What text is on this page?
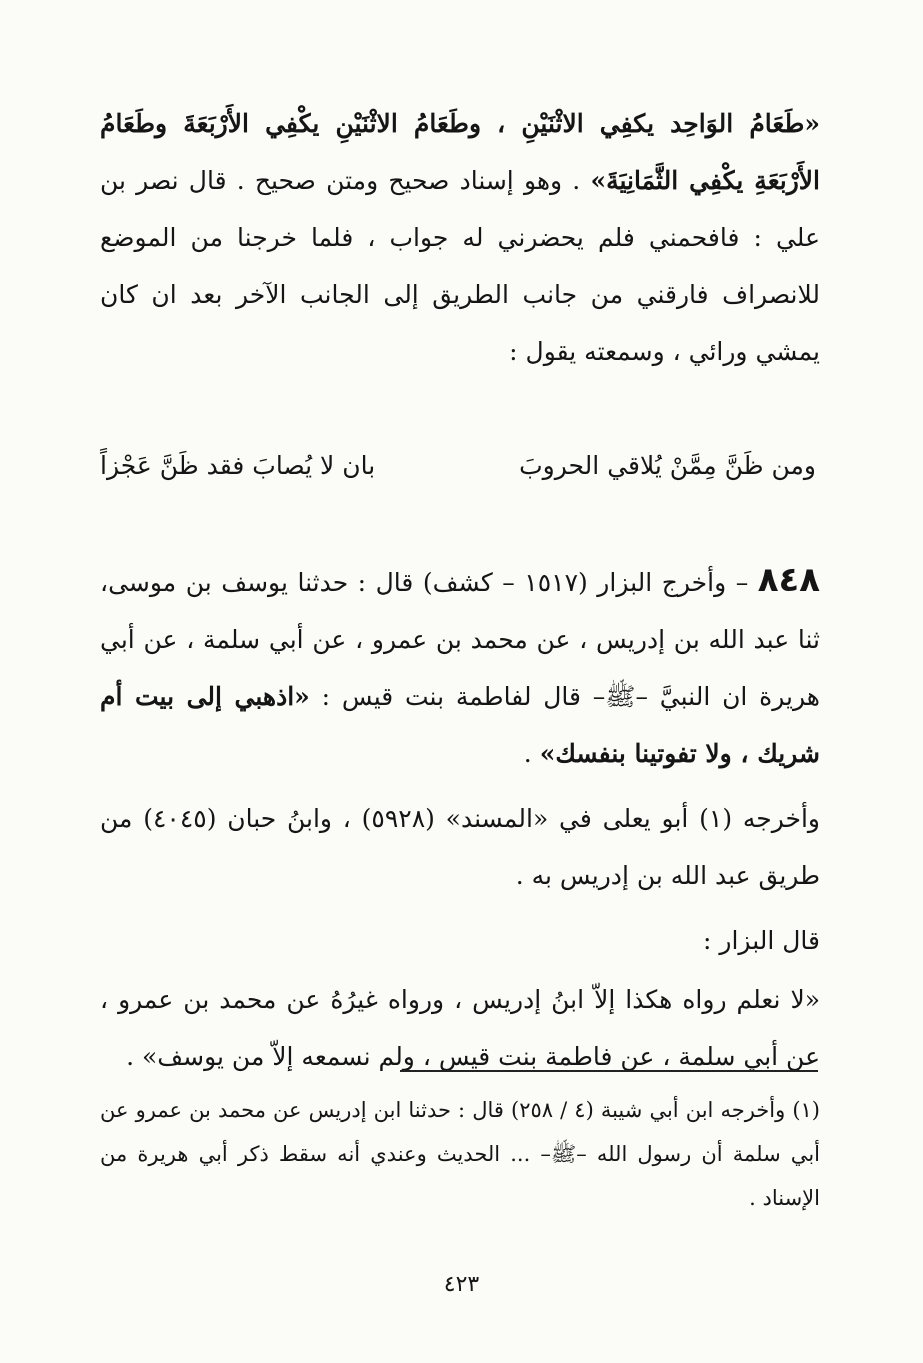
«طَعَامُ الوَاحِد يكفِي الاثْنَيْنِ ، وطَعَامُ الاثْنَيْنِ يكْفِي الأَرْبَعَةَ وطَعَامُ الأَرْبَعَةِ يكْفِي الثَّمَانِيَةَ» . وهو إسناد صحيح ومتن صحيح . قال نصر بن علي : فافحمني فلم يحضرني له جواب ، فلما خرجنا من الموضع للانصراف فارقني من جانب الطريق إلى الجانب الآخر بعد ان كان يمشي ورائي ، وسمعته يقول :

ومن ظَنَّ مِمَّنْ يُلاقي الحروبَ
بان لا يُصابَ فقد ظَنَّ عَجْزاً

٨٤٨ – وأخرج البزار (١٥١٧ – كشف) قال : حدثنا يوسف بن موسى، ثنا عبد الله بن إدريس ، عن محمد بن عمرو ، عن أبي سلمة ، عن أبي هريرة ان النبيَّ –ﷺ– قال لفاطمة بنت قيس : «اذهبي إلى بيت أم شريك ، ولا تفوتينا بنفسك» .

وأخرجه (١) أبو يعلى في «المسند» (٥٩٢٨) ، وابنُ حبان (٤٠٤٥) من طريق عبد الله بن إدريس به .

قال البزار :

«لا نعلم رواه هكذا إلاّ ابنُ إدريس ، ورواه غيرُهُ عن محمد بن عمرو ، عن أبي سلمة ، عن فاطمة بنت قيس ، ولم نسمعه إلاّ من يوسف» .

(١) وأخرجه ابن أبي شيبة (٤ / ٢٥٨) قال : حدثنا ابن إدريس عن محمد بن عمرو عن أبي سلمة أن رسول الله –ﷺ– ... الحديث وعندي أنه سقط ذكر أبي هريرة من الإسناد .

٤٢٣
